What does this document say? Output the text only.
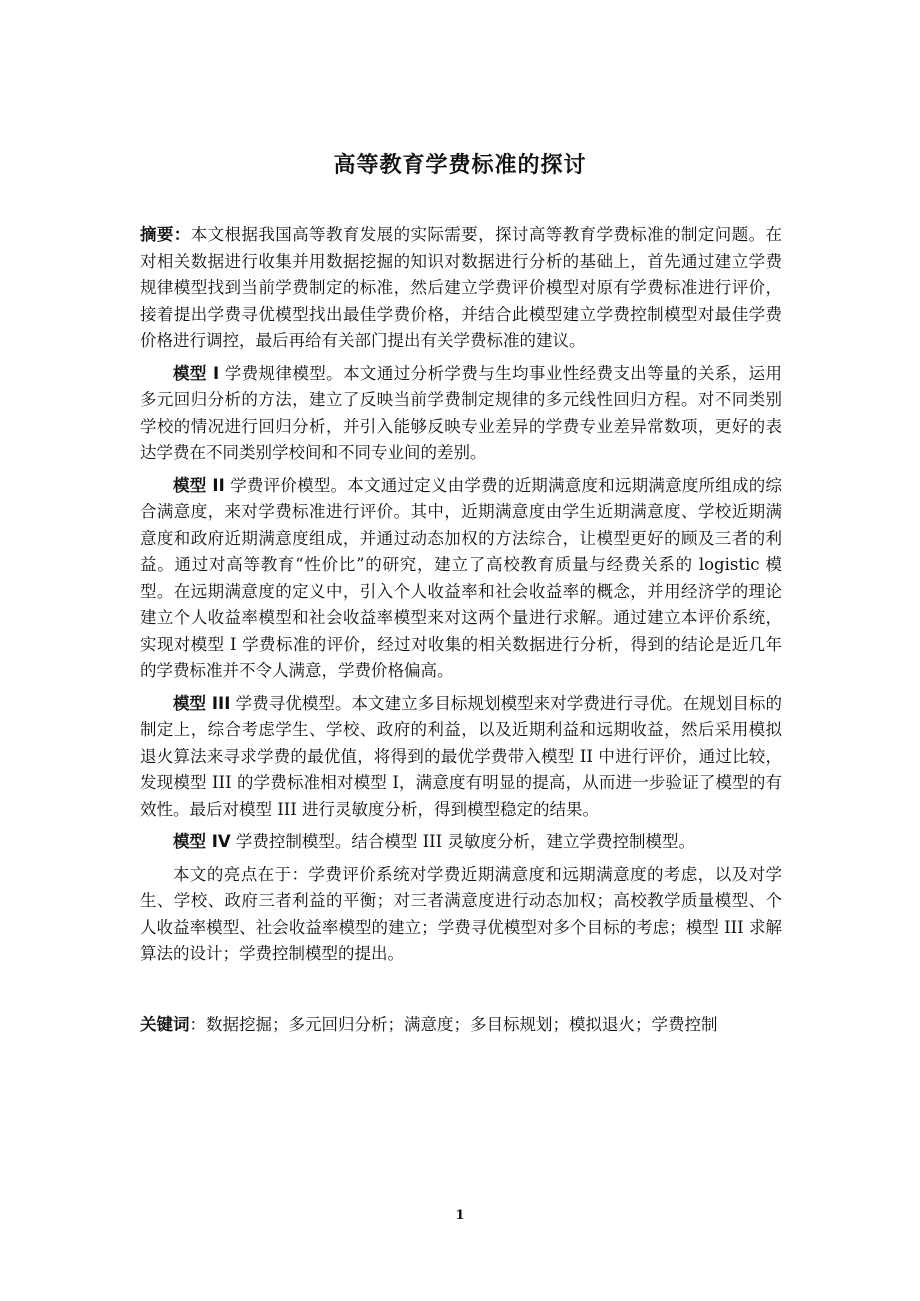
高等教育学费标准的探讨

摘要：本文根据我国高等教育发展的实际需要，探讨高等教育学费标准的制定问题。在对相关数据进行收集并用数据挖掘的知识对数据进行分析的基础上，首先通过建立学费规律模型找到当前学费制定的标准，然后建立学费评价模型对原有学费标准进行评价，接着提出学费寻优模型找出最佳学费价格，并结合此模型建立学费控制模型对最佳学费价格进行调控，最后再给有关部门提出有关学费标准的建议。

模型 I 学费规律模型。本文通过分析学费与生均事业性经费支出等量的关系，运用多元回归分析的方法，建立了反映当前学费制定规律的多元线性回归方程。对不同类别学校的情况进行回归分析，并引入能够反映专业差异的学费专业差异常数项，更好的表达学费在不同类别学校间和不同专业间的差别。

模型 II 学费评价模型。本文通过定义由学费的近期满意度和远期满意度所组成的综合满意度，来对学费标准进行评价。其中，近期满意度由学生近期满意度、学校近期满意度和政府近期满意度组成，并通过动态加权的方法综合，让模型更好的顾及三者的利益。通过对高等教育“性价比”的研究，建立了高校教育质量与经费关系的 logistic 模型。在远期满意度的定义中，引入个人收益率和社会收益率的概念，并用经济学的理论建立个人收益率模型和社会收益率模型来对这两个量进行求解。通过建立本评价系统，实现对模型 I 学费标准的评价，经过对收集的相关数据进行分析，得到的结论是近几年的学费标准并不令人满意，学费价格偏高。

模型 III 学费寻优模型。本文建立多目标规划模型来对学费进行寻优。在规划目标的制定上，综合考虑学生、学校、政府的利益，以及近期利益和远期收益，然后采用模拟退火算法来寻求学费的最优值，将得到的最优学费带入模型 II 中进行评价，通过比较，发现模型 III 的学费标准相对模型 I，满意度有明显的提高，从而进一步验证了模型的有效性。最后对模型 III 进行灵敏度分析，得到模型稳定的结果。

模型 IV 学费控制模型。结合模型 III 灵敏度分析，建立学费控制模型。

本文的亮点在于：学费评价系统对学费近期满意度和远期满意度的考虑，以及对学生、学校、政府三者利益的平衡；对三者满意度进行动态加权；高校教学质量模型、个人收益率模型、社会收益率模型的建立；学费寻优模型对多个目标的考虑；模型 III 求解算法的设计；学费控制模型的提出。

关键词：数据挖掘；多元回归分析；满意度；多目标规划；模拟退火；学费控制
1
